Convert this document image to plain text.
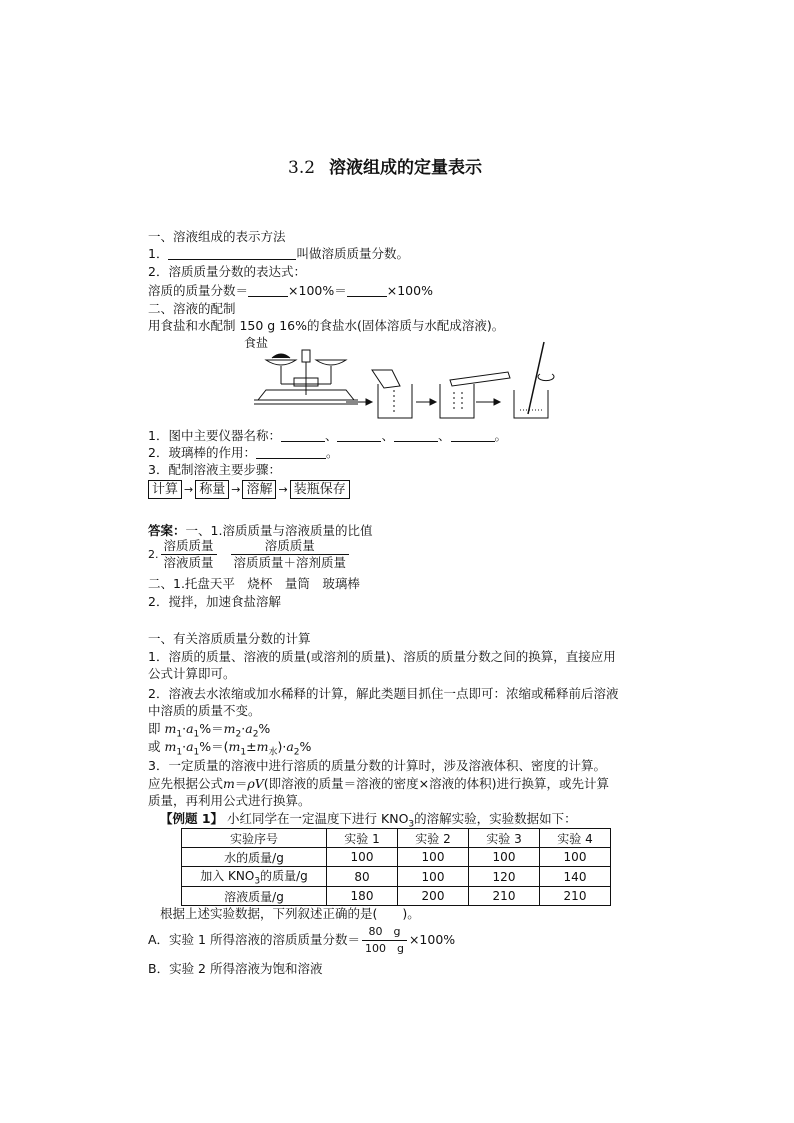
3.2 溶液组成的定量表示
一、溶液组成的表示方法
1．	叫做溶质质量分数。
2．溶质质量分数的表达式：
溶质的质量分数＝	×100%＝	×100%
二、溶液的配制
用食盐和水配制 150 g 16%的食盐水(固体溶质与水配成溶液)。
食盐
1．图中主要仪器名称：	、	、	、	。
2．玻璃棒的作用：	。
3．配制溶液主要步骤：
计算 → 称量 → 溶解 → 装瓶保存
答案：一、1.溶质质量与溶液质量的比值
2. $\frac{\text{溶质质量}}{\text{溶液质量}} \frac{\text{溶质质量}}{\text{溶质质量＋溶剂质量}}$
二、1.托盘天平　烧杯　量筒　玻璃棒
2．搅拌，加速食盐溶解
一、有关溶质质量分数的计算
1．溶质的质量、溶液的质量(或溶剂的质量)、溶质的质量分数之间的换算，直接应用
公式计算即可。
2．溶液去水浓缩或加水稀释的计算，解此类题目抓住一点即可：浓缩或稀释前后溶液
中溶质的质量不变。
即 $m_1\cdot a_1\%=m_2\cdot a_2\%$
或 $m_1\cdot a_1\%=(m_1\pm m_水)\cdot a_2\%$
3．一定质量的溶液中进行溶质的质量分数的计算时，涉及溶液体积、密度的计算。
应先根据公式m＝ρV(即溶液的质量＝溶液的密度×溶液的体积)进行换算，或先计算
质量，再利用公式进行换算。
【例题 1】 小红同学在一定温度下进行 $KNO_3$的溶解实验，实验数据如下：
实验序号	实验 1	实验 2	实验 3	实验 4
水的质量/g	100	100	100	100
加入 $KNO_3$的质量/g	80	100	120	140
溶液质量/g	180	200	210	210
根据上述实验数据，下列叙述正确的是(　　)。
A．实验 1 所得溶液的溶质质量分数＝ $\frac{80 g}{100 g} \times 100\%$
B．实验 2 所得溶液为饱和溶液
